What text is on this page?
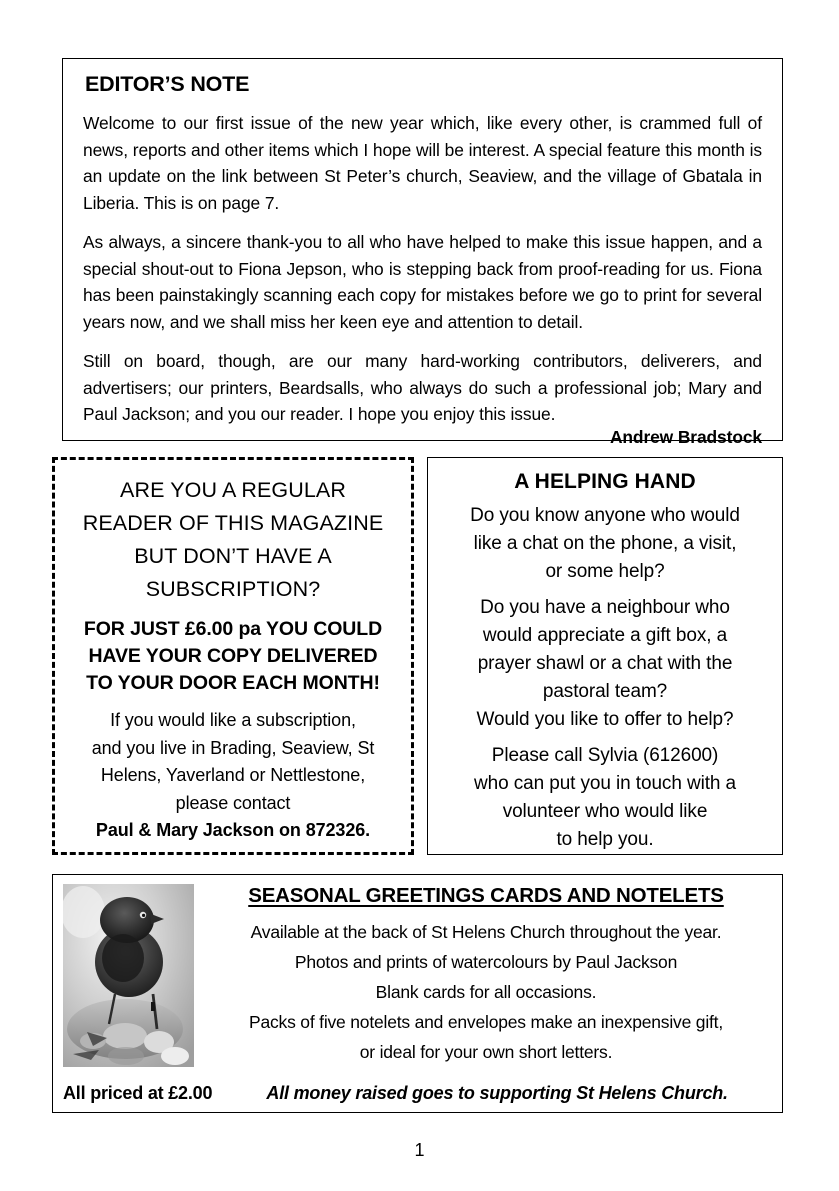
EDITOR’S NOTE

Welcome to our first issue of the new year which, like every other, is crammed full of news, reports and other items which I hope will be interest. A special feature this month is an update on the link between St Peter’s church, Seaview, and the village of Gbatala in Liberia. This is on page 7.

As always, a sincere thank-you to all who have helped to make this issue happen, and a special shout-out to Fiona Jepson, who is stepping back from proof-reading for us. Fiona has been painstakingly scanning each copy for mistakes before we go to print for several years now, and we shall miss her keen eye and attention to detail.

Still on board, though, are our many hard-working contributors, deliverers, and advertisers; our printers, Beardsalls, who always do such a professional job; Mary and Paul Jackson; and you our reader. I hope you enjoy this issue.

Andrew Bradstock
ARE YOU A REGULAR
READER OF THIS MAGAZINE
BUT DON’T HAVE A
SUBSCRIPTION?
FOR JUST £6.00 pa YOU COULD
HAVE YOUR COPY DELIVERED
TO YOUR DOOR EACH MONTH!
If you would like a subscription,
and you live in Brading, Seaview, St
Helens, Yaverland or Nettlestone,
please contact
Paul & Mary Jackson on 872326.
A HELPING HAND

Do you know anyone who would
like a chat on the phone, a visit,
or some help?

Do you have a neighbour who
would appreciate a gift box, a
prayer shawl or a chat with the
pastoral team?

Would you like to offer to help?

Please call Sylvia (612600)
who can put you in touch with a
volunteer who would like
to help you.

SEASONAL GREETINGS CARDS AND NOTELETS
Available at the back of St Helens Church throughout the year.
Photos and prints of watercolours by Paul Jackson
Blank cards for all occasions.
Packs of five notelets and envelopes make an inexpensive gift,
or ideal for your own short letters.
All priced at £2.00	All money raised goes to supporting St Helens Church.
1
